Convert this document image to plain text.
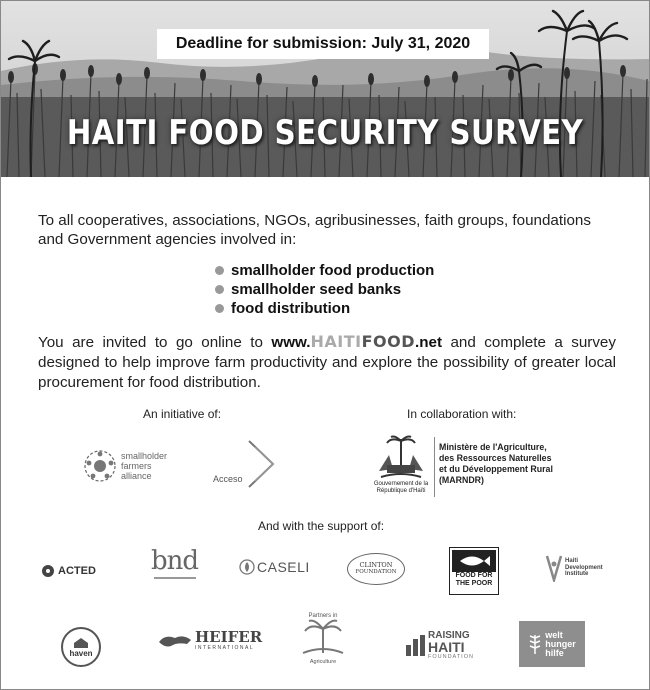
Deadline for submission: July 31, 2020
HAITI FOOD SECURITY SURVEY
To all cooperatives, associations, NGOs, agribusinesses, faith groups, foundations and Government agencies involved in:
smallholder food production
smallholder seed banks
food distribution
You are invited to go online to www.HAITIFOOD.net and complete a survey designed to help improve farm productivity and explore the possibility of greater local procurement for food distribution.
An initiative of:
smallholder
farmers
alliance	Acceso
In collaboration with:
Gouvernement de la
République d'Haïti
Ministère de l'Agriculture,
des Ressources Naturelles
et du Développement Rural
(MARNDR)
And with the support of:
ACTED bnd	CASELI	CLINTON
FOUNDATION	FOOD FOR
THE POOR
Haiti
Development
Institute
haven
HEIFER
INTERNATIONAL
Partners in
Agriculture
RAISING
HAITI
FOUNDATION
welt
hunger
hilfe
